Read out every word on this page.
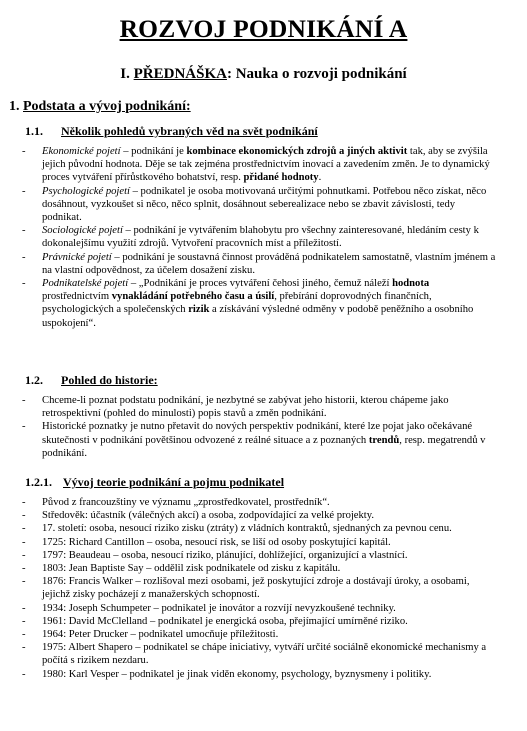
ROZVOJ PODNIKÁNÍ A
I. PŘEDNÁŠKA: Nauka o rozvoji podnikání
1. Podstata a vývoj podnikání:
1.1. Několik pohledů vybraných věd na svět podnikání
- Ekonomické pojetí – podnikání je kombinace ekonomických zdrojů a jiných aktivit tak, aby se zvýšila jejich původní hodnota. Děje se tak zejména prostřednictvím inovací a zavedením změn. Je to dynamický proces vytváření přírůstkového bohatství, resp. přidané hodnoty.
- Psychologické pojetí – podnikatel je osoba motivovaná určitými pohnutkami. Potřebou něco získat, něco dosáhnout, vyzkoušet si něco, něco splnit, dosáhnout seberealizace nebo se zbavit závislosti, tedy podnikat.
- Sociologické pojetí – podnikání je vytvářením blahobytu pro všechny zainteresované, hledáním cesty k dokonalejšímu využití zdrojů. Vytvoření pracovních míst a příležitostí.
- Právnické pojetí – podnikání je soustavná činnost prováděná podnikatelem samostatně, vlastním jménem a na vlastní odpovědnost, za účelem dosažení zisku.
- Podnikatelské pojetí – „Podnikání je proces vytváření čehosi jiného, čemuž náleží hodnota prostřednictvím vynakládání potřebného času a úsilí, přebírání doprovodných finančních, psychologických a společenských rizik a získávání výsledné odměny v podobě peněžního a osobního uspokojení“.
1.2. Pohled do historie:
- Chceme-li poznat podstatu podnikání, je nezbytné se zabývat jeho historii, kterou chápeme jako retrospektivní (pohled do minulosti) popis stavů a změn podnikání.
- Historické poznatky je nutno přetavit do nových perspektiv podnikání, které lze pojat jako očekávané skutečnosti v podnikání povětšinou odvozené z reálné situace a z poznaných trendů, resp. megatrendů v podnikání.
1.2.1. Vývoj teorie podnikání a pojmu podnikatel
- Původ z francouzštiny ve významu „zprostředkovatel, prostředník“.
- Středověk: účastník (válečných akcí) a osoba, zodpovídající za velké projekty.
- 17. století: osoba, nesoucí riziko zisku (ztráty) z vládních kontraktů, sjednaných za pevnou cenu.
- 1725: Richard Cantillon – osoba, nesoucí risk, se liší od osoby poskytující kapitál.
- 1797: Beaudeau – osoba, nesoucí riziko, plánující, dohlížející, organizující a vlastnící.
- 1803: Jean Baptiste Say – oddělil zisk podnikatele od zisku z kapitálu.
- 1876: Francis Walker – rozlišoval mezi osobami, jež poskytující zdroje a dostávají úroky, a osobami, jejichž zisky pocházejí z manažerských schopností.
- 1934: Joseph Schumpeter – podnikatel je inovátor a rozvíjí nevyzkoušené techniky.
- 1961: David McClelland – podnikatel je energická osoba, přejímající umírněné riziko.
- 1964: Peter Drucker – podnikatel umocňuje příležitosti.
- 1975: Albert Shapero – podnikatel se chápe iniciativy, vytváří určité sociálně ekonomické mechanismy a počítá s rizikem nezdaru.
- 1980: Karl Vesper – podnikatel je jinak viděn ekonomy, psychology, byznysmeny i politiky.
